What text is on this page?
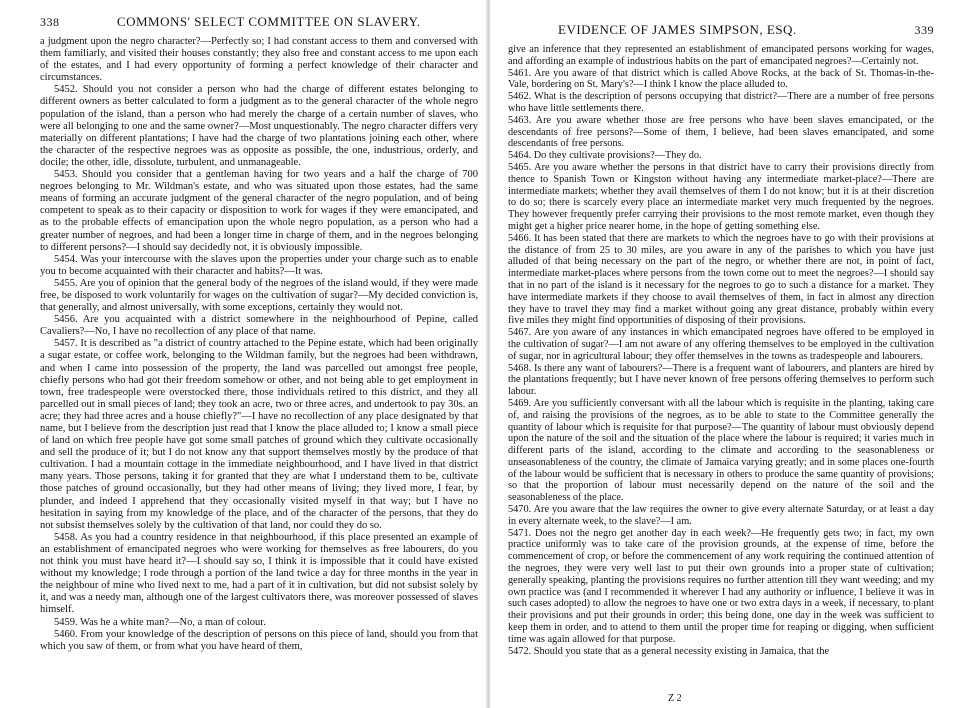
338	COMMONS' SELECT COMMITTEE ON SLAVERY.

a judgment upon the negro character?—Perfectly so; I had constant access to them and conversed with them familiarly, and visited their houses constantly; they also free and constant access to me upon each of the estates, and I had every opportunity of forming a perfect knowledge of their character and circumstances.

5452. Should you not consider a person who had the charge of different estates belonging to different owners as better calculated to form a judgment as to the general character of the whole negro population of the island, than a person who had merely the charge of a certain number of slaves, who were all belonging to one and the same owner?—Most unquestionably. The negro character differs very materially on different plantations; I have had the charge of two plantations joining each other, where the character of the respective negroes was as opposite as possible, the one, industrious, orderly, and docile; the other, idle, dissolute, turbulent, and unmanageable.

5453. Should you consider that a gentleman having for two years and a half the charge of 700 negroes belonging to Mr. Wildman's estate, and who was situated upon those estates, had the same means of forming an accurate judgment of the general character of the negro population, and of being competent to speak as to their capacity or disposition to work for wages if they were emancipated, and as to the probable effects of emancipation upon the whole negro population, as a person who had a greater number of negroes, and had been a longer time in charge of them, and in the negroes belonging to different persons?—I should say decidedly not, it is obviously impossible.

5454. Was your intercourse with the slaves upon the properties under your charge such as to enable you to become acquainted with their character and habits?—It was.

5455. Are you of opinion that the general body of the negroes of the island would, if they were made free, be disposed to work voluntarily for wages on the cultivation of sugar?—My decided conviction is, that generally, and almost universally, with some exceptions, certainly they would not.

5456. Are you acquainted with a district somewhere in the neighbourhood of Pepine, called Cavaliers?—No, I have no recollection of any place of that name.

5457. It is described as "a district of country attached to the Pepine estate, which had been originally a sugar estate, or coffee work, belonging to the Wildman family, but the negroes had been withdrawn, and when I came into possession of the property, the land was parcelled out amongst free people, chiefly persons who had got their freedom somehow or other, and not being able to get employment in town, free tradespeople were overstocked there, those individuals retired to this district, and they all parcelled out in small pieces of land; they took an acre, two or three acres, and undertook to pay 30s. an acre; they had three acres and a house chiefly?"—I have no recollection of any place designated by that name, but I believe from the description just read that I know the place alluded to; I know a small piece of land on which free people have got some small patches of ground which they cultivate occasionally and sell the produce of it; but I do not know any that support themselves mostly by the produce of that cultivation. I had a mountain cottage in the immediate neighbourhood, and I have lived in that district many years. Those persons, taking it for granted that they are what I understand them to be, cultivate those patches of ground occasionally, but they had other means of living; they lived more, I fear, by plunder, and indeed I apprehend that they occasionally visited myself in that way; but I have no hesitation in saying from my knowledge of the place, and of the character of the persons, that they do not subsist themselves solely by the cultivation of that land, nor could they do so.

5458. As you had a country residence in that neighbourhood, if this place presented an example of an establishment of emancipated negroes who were working for themselves as free labourers, do you not think you must have heard it?—I should say so, I think it is impossible that it could have existed without my knowledge; I rode through a portion of the land twice a day for three months in the year in the neighbour of mine who lived next to me, had a part of it in cultivation, but did not subsist solely by it, and was a needy man, although one of the largest cultivators there, was moreover possessed of slaves himself.

5459. Was he a white man?—No, a man of colour.

5460. From your knowledge of the description of persons on this piece of land, should you from that which you saw of them, or from what you have heard of them,

EVIDENCE OF JAMES SIMPSON, ESQ.	339

give an inference that they represented an establishment of emancipated persons working for wages, and affording an example of industrious habits on the part of emancipated negroes?—Certainly not.

5461. Are you aware of that district which is called Above Rocks, at the back of St. Thomas-in-the-Vale, bordering on St. Mary's?—I think I know the place alluded to.

5462. What is the description of persons occupying that district?—There are a number of free persons who have little settlements there.

5463. Are you aware whether those are free persons who have been slaves emancipated, or the descendants of free persons?—Some of them, I believe, had been slaves emancipated, and some descendants of free persons.

5464. Do they cultivate provisions?—They do.

5465. Are you aware whether the persons in that district have to carry their provisions directly from thence to Spanish Town or Kingston without having any intermediate market-place?—There are intermediate markets; whether they avail themselves of them I do not know; but it is at their discretion to do so; there is scarcely every place an intermediate market very much frequented by the negroes. They however frequently prefer carrying their provisions to the most remote market, even though they might get a higher price nearer home, in the hope of getting something else.

5466. It has been stated that there are markets to which the negroes have to go with their provisions at the distance of from 25 to 30 miles, are you aware in any of the parishes to which you have just alluded of that being necessary on the part of the negro, or whether there are not, in point of fact, intermediate market-places where persons from the town come out to meet the negroes?—I should say that in no part of the island is it necessary for the negroes to go to such a distance for a market. They have intermediate markets if they choose to avail themselves of them, in fact in almost any direction they have to travel they may find a market without going any great distance, probably within every five miles they might find opportunities of disposing of their provisions.

5467. Are you aware of any instances in which emancipated negroes have offered to be employed in the cultivation of sugar?—I am not aware of any offering themselves to be employed in the cultivation of sugar, nor in agricultural labour; they offer themselves in the towns as tradespeople and labourers.

5468. Is there any want of labourers?—There is a frequent want of labourers, and planters are hired by the plantations frequently; but I have never known of free persons offering themselves to perform such labour.

5469. Are you sufficiently conversant with all the labour which is requisite in the planting, taking care of, and raising the provisions of the negroes, as to be able to state to the Committee generally the quantity of labour which is requisite for that purpose?—The quantity of labour must obviously depend upon the nature of the soil and the situation of the place where the labour is required; it varies much in different parts of the island, according to the climate and according to the seasonableness or unseasonableness of the country, the climate of Jamaica varying greatly; and in some places one-fourth of the labour would be sufficient that is necessary in others to produce the same quantity of provisions; so that the proportion of labour must necessarily depend on the nature of the soil and the seasonableness of the place.

5470. Are you aware that the law requires the owner to give every alternate Saturday, or at least a day in every alternate week, to the slave?—I am.

5471. Does not the negro get another day in each week?—He frequently gets two; in fact, my own practice uniformly was to take care of the provision grounds, at the expense of time, before the commencement of crop, or before the commencement of any work requiring the continued attention of the negroes, they were very well last to put their own grounds into a proper state of cultivation; generally speaking, planting the provisions requires no further attention till they want weeding; and my own practice was (and I recommended it wherever I had any authority or influence, I believe it was in such cases adopted) to allow the negroes to have one or two extra days in a week, if necessary, to plant their provisions and put their grounds in order; this being done, one day in the week was sufficient to keep them in order, and to attend to them until the proper time for reaping or digging, when sufficient time was again allowed for that purpose.

5472. Should you state that as a general necessity existing in Jamaica, that the

Z 2
